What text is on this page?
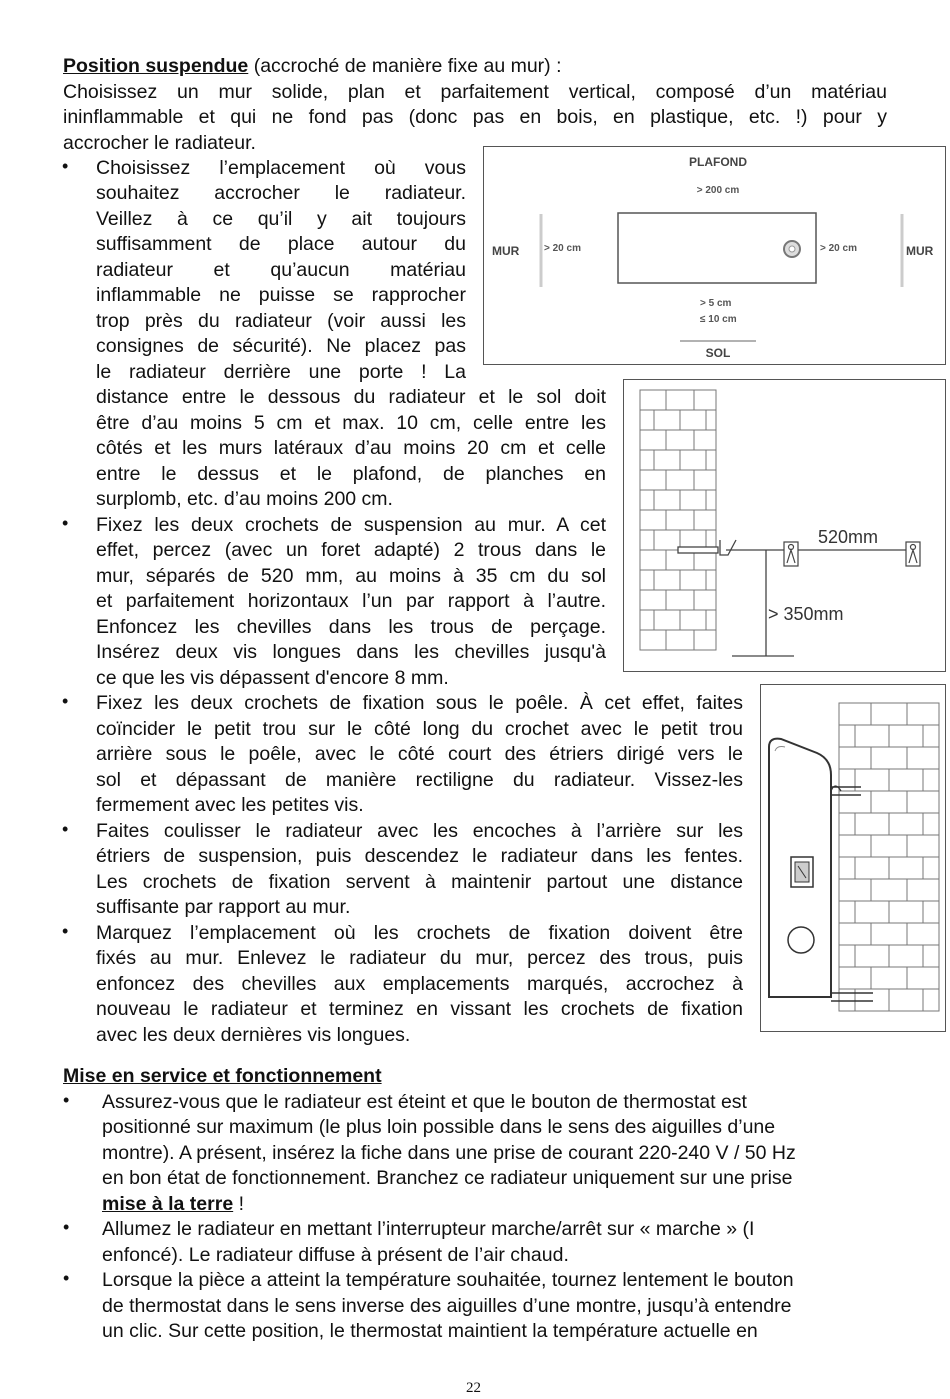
Position suspendue (accroché de manière fixe au mur) :
Choisissez un mur solide, plan et parfaitement vertical, composé d’un matériau
ininflammable et qui ne fond pas (donc pas en bois, en plastique, etc. !) pour y
accrocher le radiateur.
• Choisissez l’emplacement où vous
souhaitez accrocher le radiateur.
Veillez à ce qu’il y ait toujours
suffisamment de place autour du
radiateur et qu’aucun matériau
inflammable ne puisse se rapprocher
trop près du radiateur (voir aussi les
consignes de sécurité). Ne placez pas
le radiateur derrière une porte ! La
distance entre le dessous du radiateur et le sol doit
être d’au moins 5 cm et max. 10 cm, celle entre les
côtés et les murs latéraux d’au moins 20 cm et celle
entre le dessus et le plafond, de planches en
surplomb, etc. d’au moins 200 cm.
• Fixez les deux crochets de suspension au mur. A cet
effet, percez (avec un foret adapté) 2 trous dans le
mur, séparés de 520 mm, au moins à 35 cm du sol
et parfaitement horizontaux l’un par rapport à l’autre.
Enfoncez les chevilles dans les trous de perçage.
Insérez deux vis longues dans les chevilles jusqu'à
ce que les vis dépassent d'encore 8 mm.
• Fixez les deux crochets de fixation sous le poêle. À cet effet, faites
coïncider le petit trou sur le côté long du crochet avec le petit trou
arrière sous le poêle, avec le côté court des étriers dirigé vers le
sol et dépassant de manière rectiligne du radiateur. Vissez-les
fermement avec les petites vis.
• Faites coulisser le radiateur avec les encoches à l’arrière sur les
étriers de suspension, puis descendez le radiateur dans les fentes.
Les crochets de fixation servent à maintenir partout une distance
suffisante par rapport au mur.
• Marquez l’emplacement où les crochets de fixation doivent être
fixés au mur. Enlevez le radiateur du mur, percez des trous, puis
enfoncez des chevilles aux emplacements marqués, accrochez à
nouveau le radiateur et terminez en vissant les crochets de fixation
avec les deux dernières vis longues.
Mise en service et fonctionnement
• Assurez-vous que le radiateur est éteint et que le bouton de thermostat est
positionné sur maximum (le plus loin possible dans le sens des aiguilles d’une
montre). A présent, insérez la fiche dans une prise de courant 220-240 V / 50 Hz
en bon état de fonctionnement. Branchez ce radiateur uniquement sur une prise
mise à la terre !
• Allumez le radiateur en mettant l’interrupteur marche/arrêt sur « marche » (I
enfoncé). Le radiateur diffuse à présent de l’air chaud.
• Lorsque la pièce a atteint la température souhaitée, tournez lentement le bouton
de thermostat dans le sens inverse des aiguilles d’une montre, jusqu’à entendre
un clic. Sur cette position, le thermostat maintient la température actuelle en
22
PLAFOND
> 200 cm
MUR	MUR
> 20 cm	> 20 cm
> 5 cm
≤ 10 cm
SOL
520mm
> 350mm
